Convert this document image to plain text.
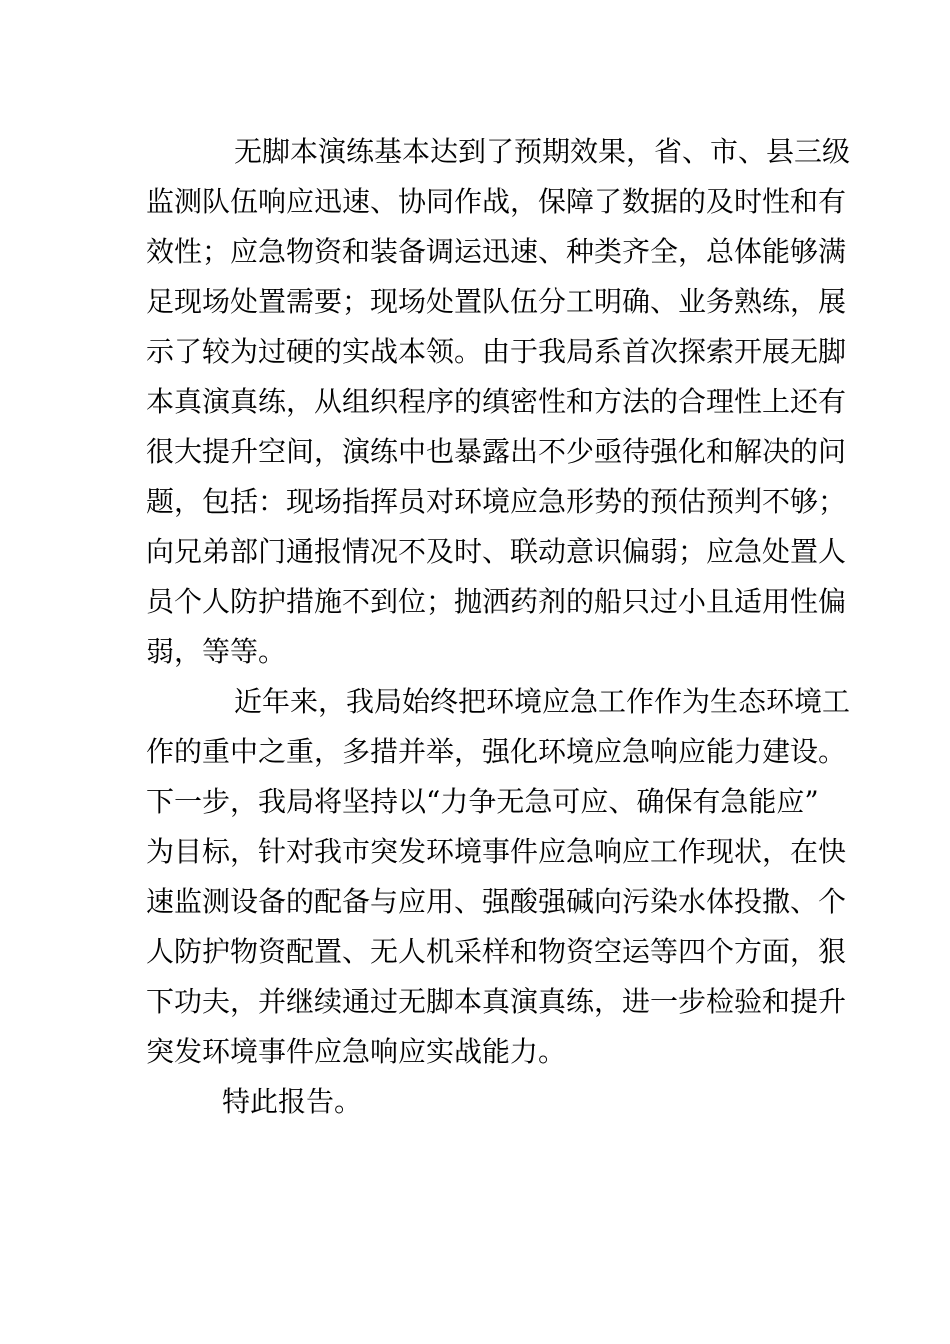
无脚本演练基本达到了预期效果，省、市、县三级
监测队伍响应迅速、协同作战，保障了数据的及时性和有
效性；应急物资和装备调运迅速、种类齐全，总体能够满
足现场处置需要；现场处置队伍分工明确、业务熟练，展
示了较为过硬的实战本领。由于我局系首次探索开展无脚
本真演真练，从组织程序的缜密性和方法的合理性上还有
很大提升空间，演练中也暴露出不少亟待强化和解决的问
题，包括：现场指挥员对环境应急形势的预估预判不够；
向兄弟部门通报情况不及时、联动意识偏弱；应急处置人
员个人防护措施不到位；抛洒药剂的船只过小且适用性偏
弱，等等。
近年来，我局始终把环境应急工作作为生态环境工
作的重中之重，多措并举，强化环境应急响应能力建设。
下一步，我局将坚持以“力争无急可应、确保有急能应”
为目标，针对我市突发环境事件应急响应工作现状，在快
速监测设备的配备与应用、强酸强碱向污染水体投撒、个
人防护物资配置、无人机采样和物资空运等四个方面，狠
下功夫，并继续通过无脚本真演真练，进一步检验和提升
突发环境事件应急响应实战能力。
特此报告。
